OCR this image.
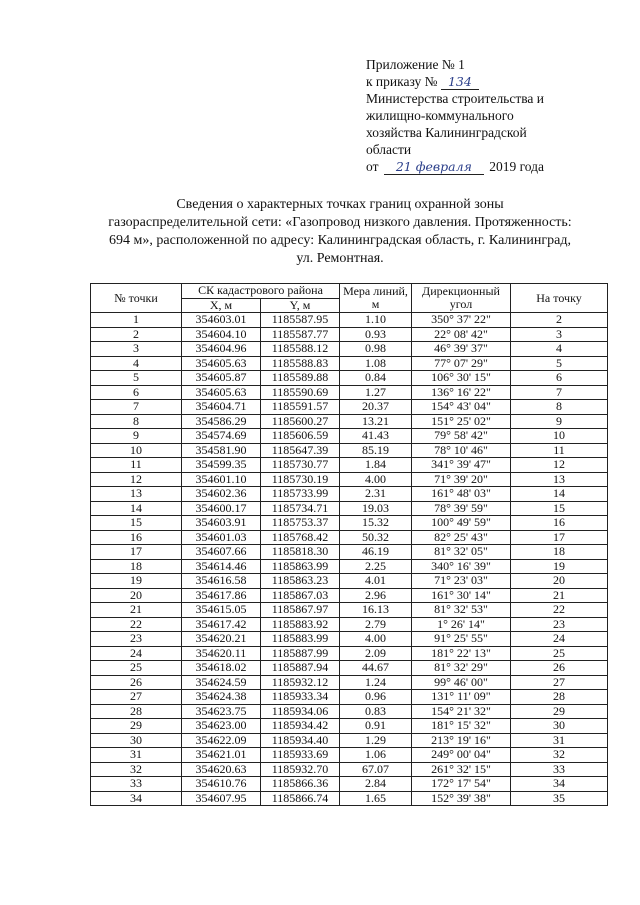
Приложение № 1
к приказу № 134
Министерства строительства и
жилищно-коммунального
хозяйства Калининградской
области
от 21 февраля 2019 года
Сведения о характерных точках границ охранной зоны
газораспределительной сети: «Газопровод низкого давления. Протяженность:
694 м», расположенной по адресу: Калининградская область, г. Калининград,
ул. Ремонтная.
№ точки	СК кадастрового района		Мера линий, м	Дирекционный угол	На точку
	X, м	Y, м			
1	354603.01	1185587.95	1.10	350° 37' 22"	2
2	354604.10	1185587.77	0.93	22° 08' 42"	3
3	354604.96	1185588.12	0.98	46° 39' 37"	4
4	354605.63	1185588.83	1.08	77° 07' 29"	5
5	354605.87	1185589.88	0.84	106° 30' 15"	6
6	354605.63	1185590.69	1.27	136° 16' 22"	7
7	354604.71	1185591.57	20.37	154° 43' 04"	8
8	354586.29	1185600.27	13.21	151° 25' 02"	9
9	354574.69	1185606.59	41.43	79° 58' 42"	10
10	354581.90	1185647.39	85.19	78° 10' 46"	11
11	354599.35	1185730.77	1.84	341° 39' 47"	12
12	354601.10	1185730.19	4.00	71° 39' 20"	13
13	354602.36	1185733.99	2.31	161° 48' 03"	14
14	354600.17	1185734.71	19.03	78° 39' 59"	15
15	354603.91	1185753.37	15.32	100° 49' 59"	16
16	354601.03	1185768.42	50.32	82° 25' 43"	17
17	354607.66	1185818.30	46.19	81° 32' 05"	18
18	354614.46	1185863.99	2.25	340° 16' 39"	19
19	354616.58	1185863.23	4.01	71° 23' 03"	20
20	354617.86	1185867.03	2.96	161° 30' 14"	21
21	354615.05	1185867.97	16.13	81° 32' 53"	22
22	354617.42	1185883.92	2.79	1° 26' 14"	23
23	354620.21	1185883.99	4.00	91° 25' 55"	24
24	354620.11	1185887.99	2.09	181° 22' 13"	25
25	354618.02	1185887.94	44.67	81° 32' 29"	26
26	354624.59	1185932.12	1.24	99° 46' 00"	27
27	354624.38	1185933.34	0.96	131° 11' 09"	28
28	354623.75	1185934.06	0.83	154° 21' 32"	29
29	354623.00	1185934.42	0.91	181° 15' 32"	30
30	354622.09	1185934.40	1.29	213° 19' 16"	31
31	354621.01	1185933.69	1.06	249° 00' 04"	32
32	354620.63	1185932.70	67.07	261° 32' 15"	33
33	354610.76	1185866.36	2.84	172° 17' 54"	34
34	354607.95	1185866.74	1.65	152° 39' 38"	35
